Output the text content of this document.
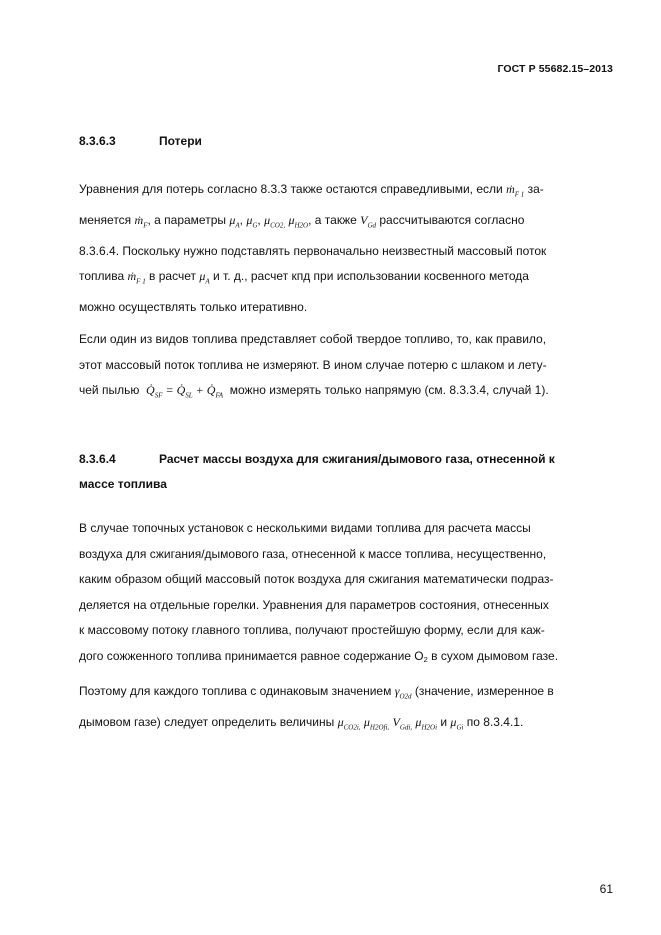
ГОСТ Р 55682.15–2013
8.3.6.3	Потери
Уравнения для потерь согласно 8.3.3 также остаются справедливыми, если ṁ$_{F 1}$ за-
меняется ṁ$_F$, а параметры $\mu_A$, $\mu_G$, $\mu_{CO2,}$ $\mu_{H2O}$, а также $V_{Gd}$ рассчитываются согласно
8.3.6.4. Поскольку нужно подставлять первоначально неизвестный массовый поток
топлива ṁ$_{F 1}$ в расчет $\mu_A$ и т. д., расчет кпд при использовании косвенного метода
можно осуществлять только итеративно.
Если один из видов топлива представляет собой твердое топливо, то, как правило,
этот массовый поток топлива не измеряют. В ином случае потерю с шлаком и лету-
чей пылью $Q̇_{SF}$ = $Q̇_{SL}$ + $Q̇_{FA}$ можно измерять только напрямую (см. 8.3.3.4, случай 1).
8.3.6.4	Расчет массы воздуха для сжигания/дымового газа, отнесенной к
массе топлива
В случае топочных установок с несколькими видами топлива для расчета массы
воздуха для сжигания/дымового газа, отнесенной к массе топлива, несущественно,
каким образом общий массовый поток воздуха для сжигания математически подраз-
деляется на отдельные горелки. Уравнения для параметров состояния, отнесенных
к массовому потоку главного топлива, получают простейшую форму, если для каж-
дого сожженного топлива принимается равное содержание $O_2$ в сухом дымовом газе.
Поэтому для каждого топлива с одинаковым значением $\gamma_{O2d}$ (значение, измеренное в
дымовом газе) следует определить величины $\mu_{CO2i,}$ $\mu_{H2Ofi,}$ $V_{Gdi,}$ $\mu_{H2Oi}$ и $\mu_{Gi}$ по 8.3.4.1.
61
